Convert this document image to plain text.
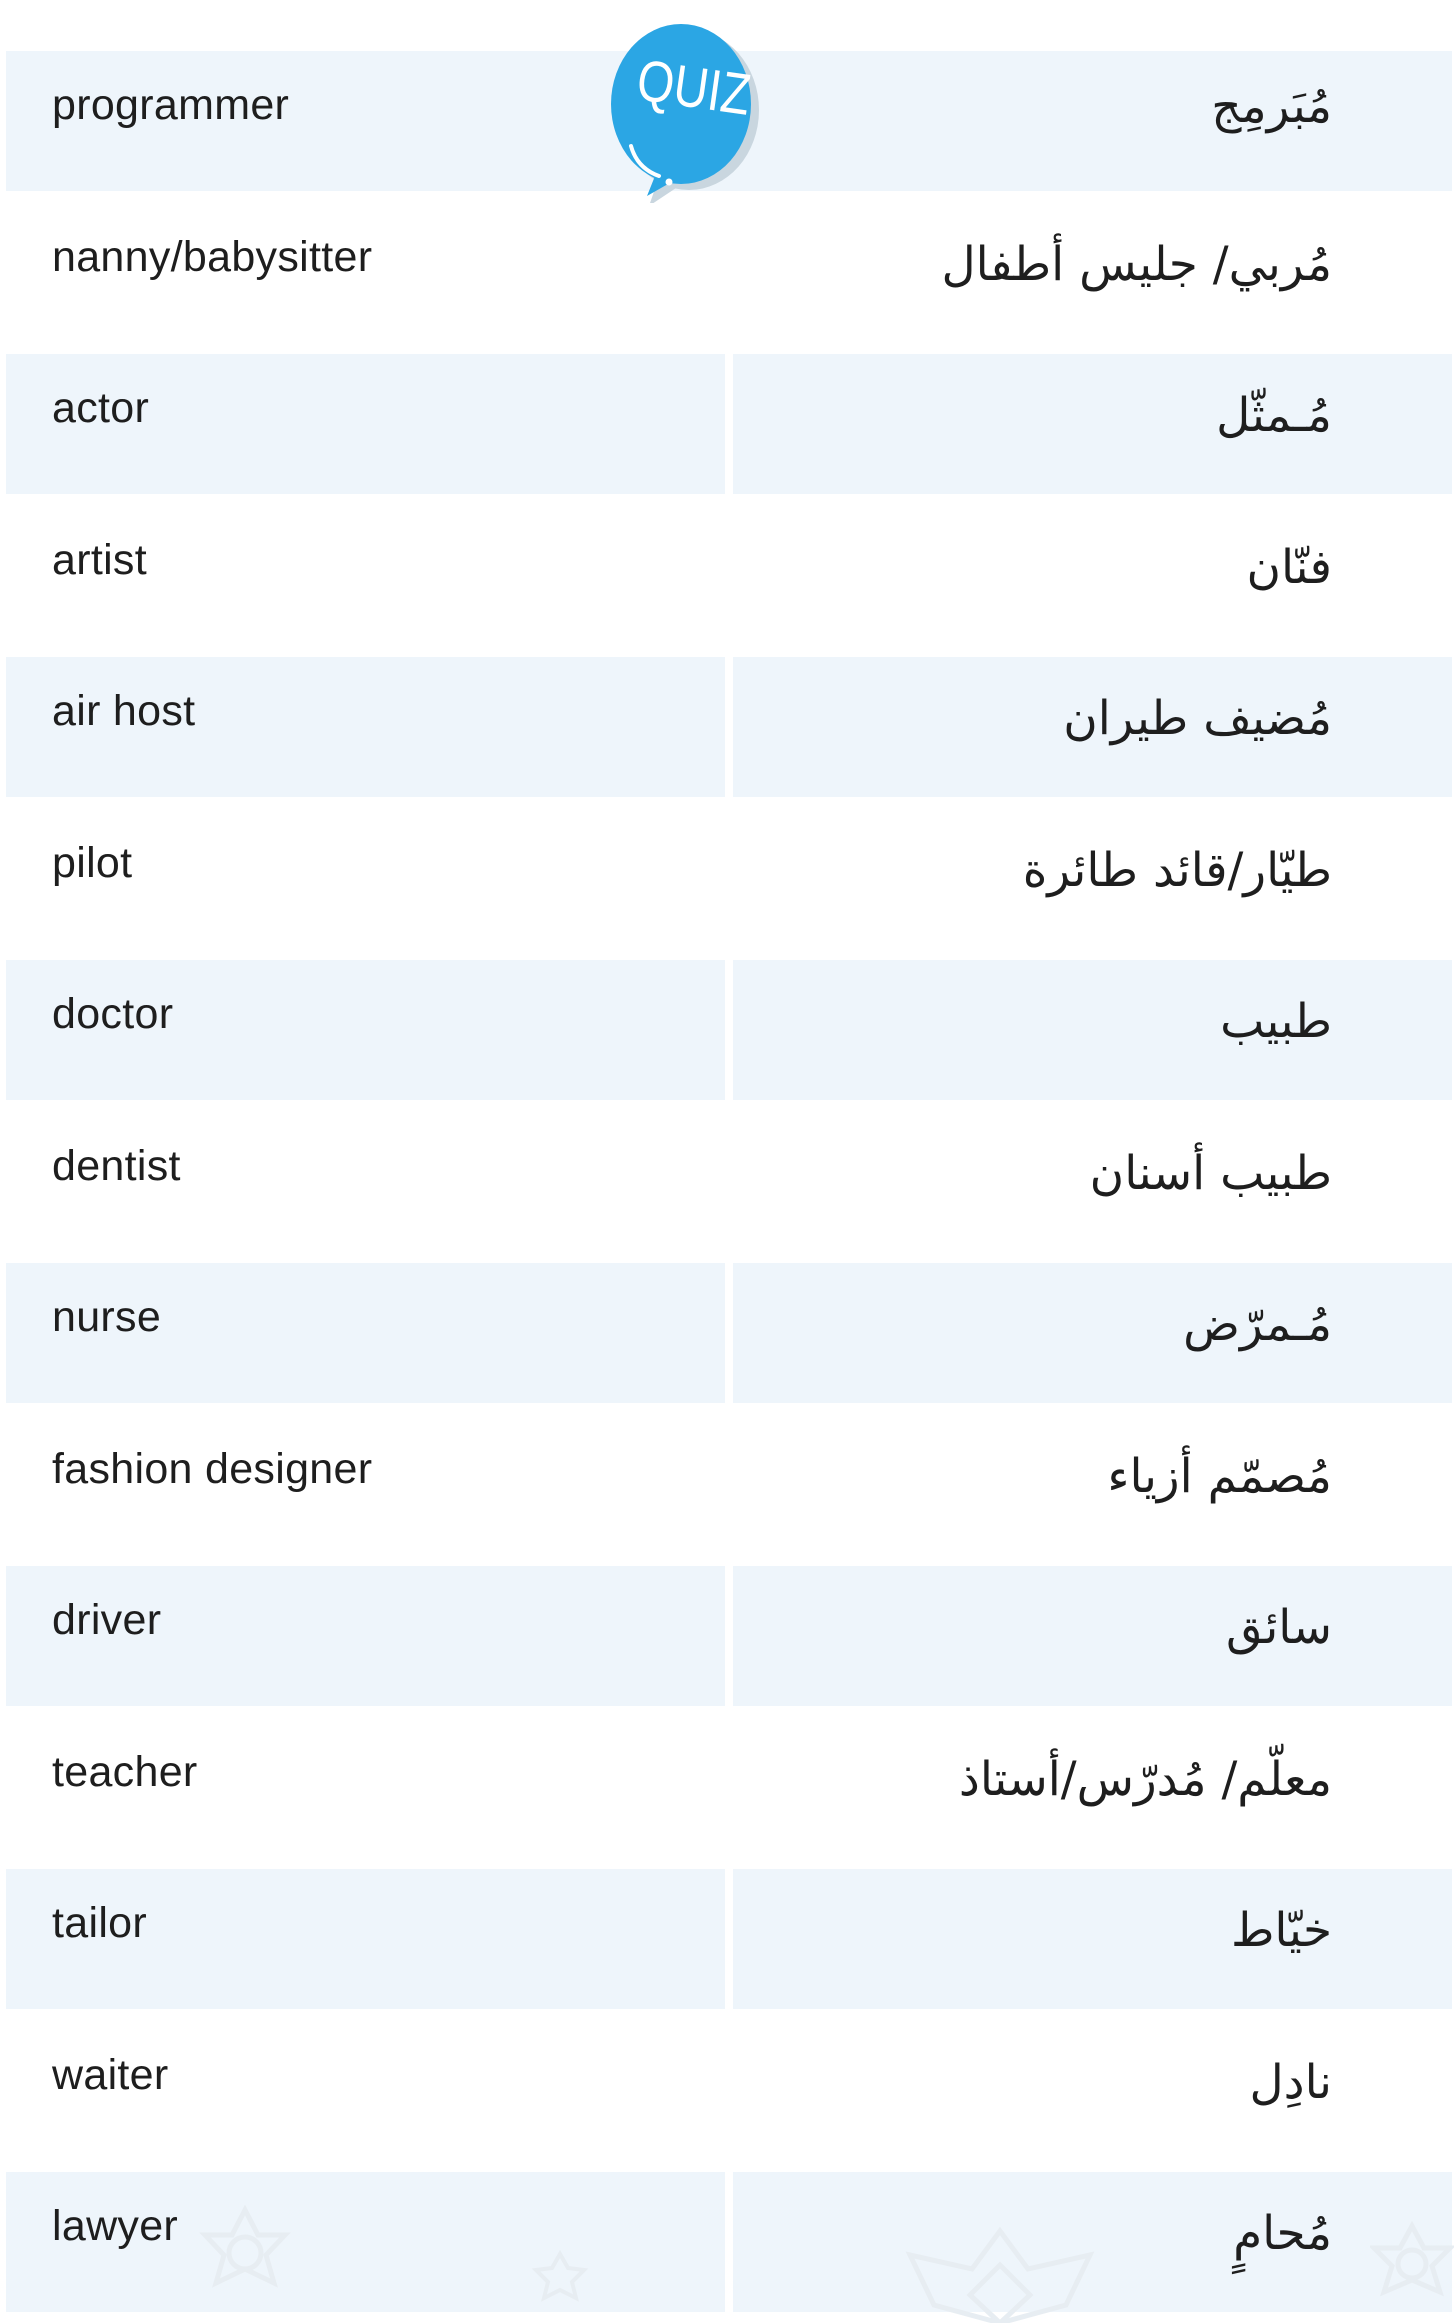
programmer	مُبَرمِج
nanny/babysitter	مُربي/ جليس أطفال
actor	مُـمثّل
artist	فنّان
air host	مُضيف طيران
pilot	طيّار/قائد طائرة
doctor	طبيب
dentist	طبيب أسنان
nurse	مُـمرّض
fashion designer	مُصمّم أزياء
driver	سائق
teacher	معلّم/ مُدرّس/أستاذ
tailor	خيّاط
waiter	نادِل
lawyer	مُحامٍ
QUIZ
